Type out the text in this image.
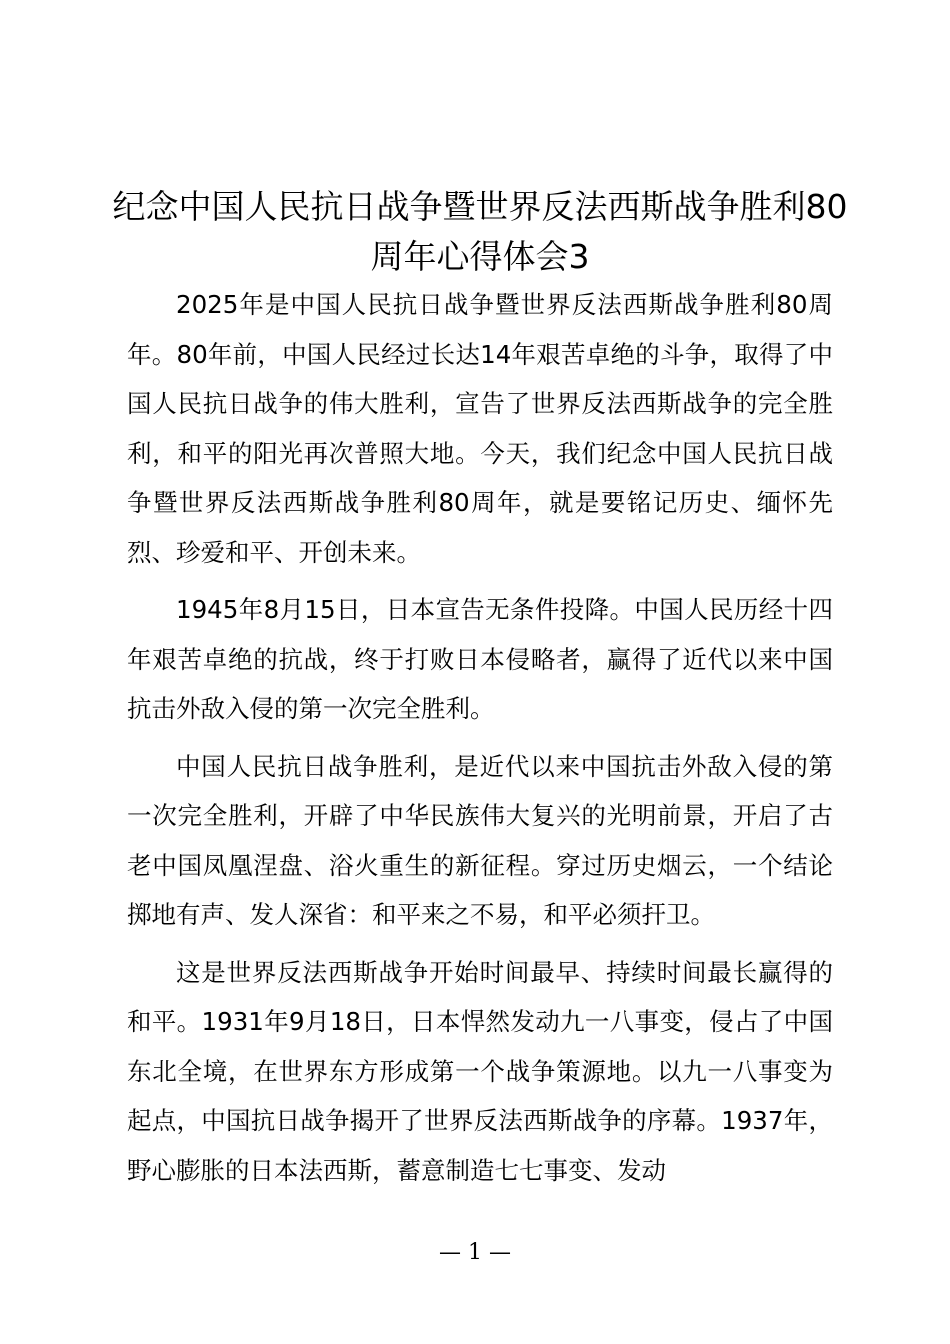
纪念中国人民抗日战争暨世界反法西斯战争胜利80周年心得体会3

2025年是中国人民抗日战争暨世界反法西斯战争胜利80周年。80年前，中国人民经过长达14年艰苦卓绝的斗争，取得了中国人民抗日战争的伟大胜利，宣告了世界反法西斯战争的完全胜利，和平的阳光再次普照大地。今天，我们纪念中国人民抗日战争暨世界反法西斯战争胜利80周年，就是要铭记历史、缅怀先烈、珍爱和平、开创未来。

1945年8月15日，日本宣告无条件投降。中国人民历经十四年艰苦卓绝的抗战，终于打败日本侵略者，赢得了近代以来中国抗击外敌入侵的第一次完全胜利。

中国人民抗日战争胜利，是近代以来中国抗击外敌入侵的第一次完全胜利，开辟了中华民族伟大复兴的光明前景，开启了古老中国凤凰涅盘、浴火重生的新征程。穿过历史烟云，一个结论掷地有声、发人深省：和平来之不易，和平必须扞卫。

这是世界反法西斯战争开始时间最早、持续时间最长赢得的和平。1931年9月18日，日本悍然发动九一八事变，侵占了中国东北全境，在世界东方形成第一个战争策源地。以九一八事变为起点，中国抗日战争揭开了世界反法西斯战争的序幕。1937年，野心膨胀的日本法西斯，蓄意制造七七事变、发动

— 1 —
